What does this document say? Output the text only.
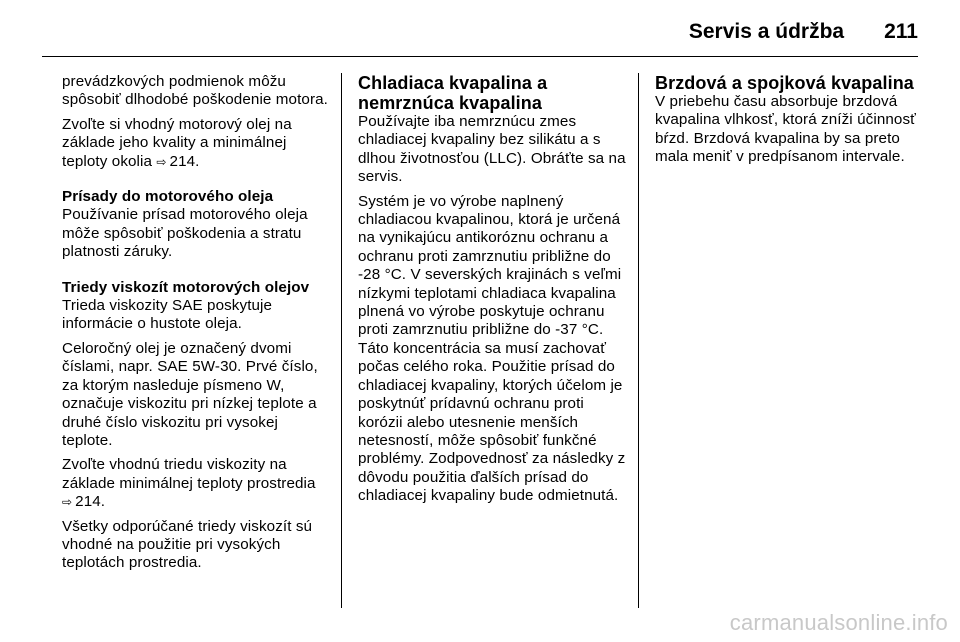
Servis a údržba 211

prevádzkových podmienok môžu spôsobiť dlhodobé poškodenie motora.

Zvoľte si vhodný motorový olej na základe jeho kvality a minimálnej teploty okolia ⇨ 214.

Prísady do motorového oleja

Používanie prísad motorového oleja môže spôsobiť poškodenia a stratu platnosti záruky.

Triedy viskozít motorových olejov

Trieda viskozity SAE poskytuje informácie o hustote oleja.

Celoročný olej je označený dvomi číslami, napr. SAE 5W-30. Prvé číslo, za ktorým nasleduje písmeno W, označuje viskozitu pri nízkej teplote a druhé číslo viskozitu pri vysokej teplote.

Zvoľte vhodnú triedu viskozity na základe minimálnej teploty prostredia ⇨ 214.

Všetky odporúčané triedy viskozít sú vhodné na použitie pri vysokých teplotách prostredia.

Chladiaca kvapalina a nemrznúca kvapalina

Používajte iba nemrznúcu zmes chladiacej kvapaliny bez silikátu a s dlhou životnosťou (LLC). Obráťte sa na servis.

Systém je vo výrobe naplnený chladiacou kvapalinou, ktorá je určená na vynikajúcu antikoróznu ochranu a ochranu proti zamrznutiu približne do -28 °C. V severských krajinách s veľmi nízkymi teplotami chladiaca kvapalina plnená vo výrobe poskytuje ochranu proti zamrznutiu približne do -37 °C. Táto koncentrácia sa musí zachovať počas celého roka. Použitie prísad do chladiacej kvapaliny, ktorých účelom je poskytnúť prídavnú ochranu proti korózii alebo utesnenie menších netesností, môže spôsobiť funkčné problémy. Zodpovednosť za následky z dôvodu použitia ďalších prísad do chladiacej kvapaliny bude odmietnutá.

Brzdová a spojková kvapalina

V priebehu času absorbuje brzdová kvapalina vlhkosť, ktorá zníži účinnosť bŕzd. Brzdová kvapalina by sa preto mala meniť v predpísanom intervale.

carmanualsonline.info
